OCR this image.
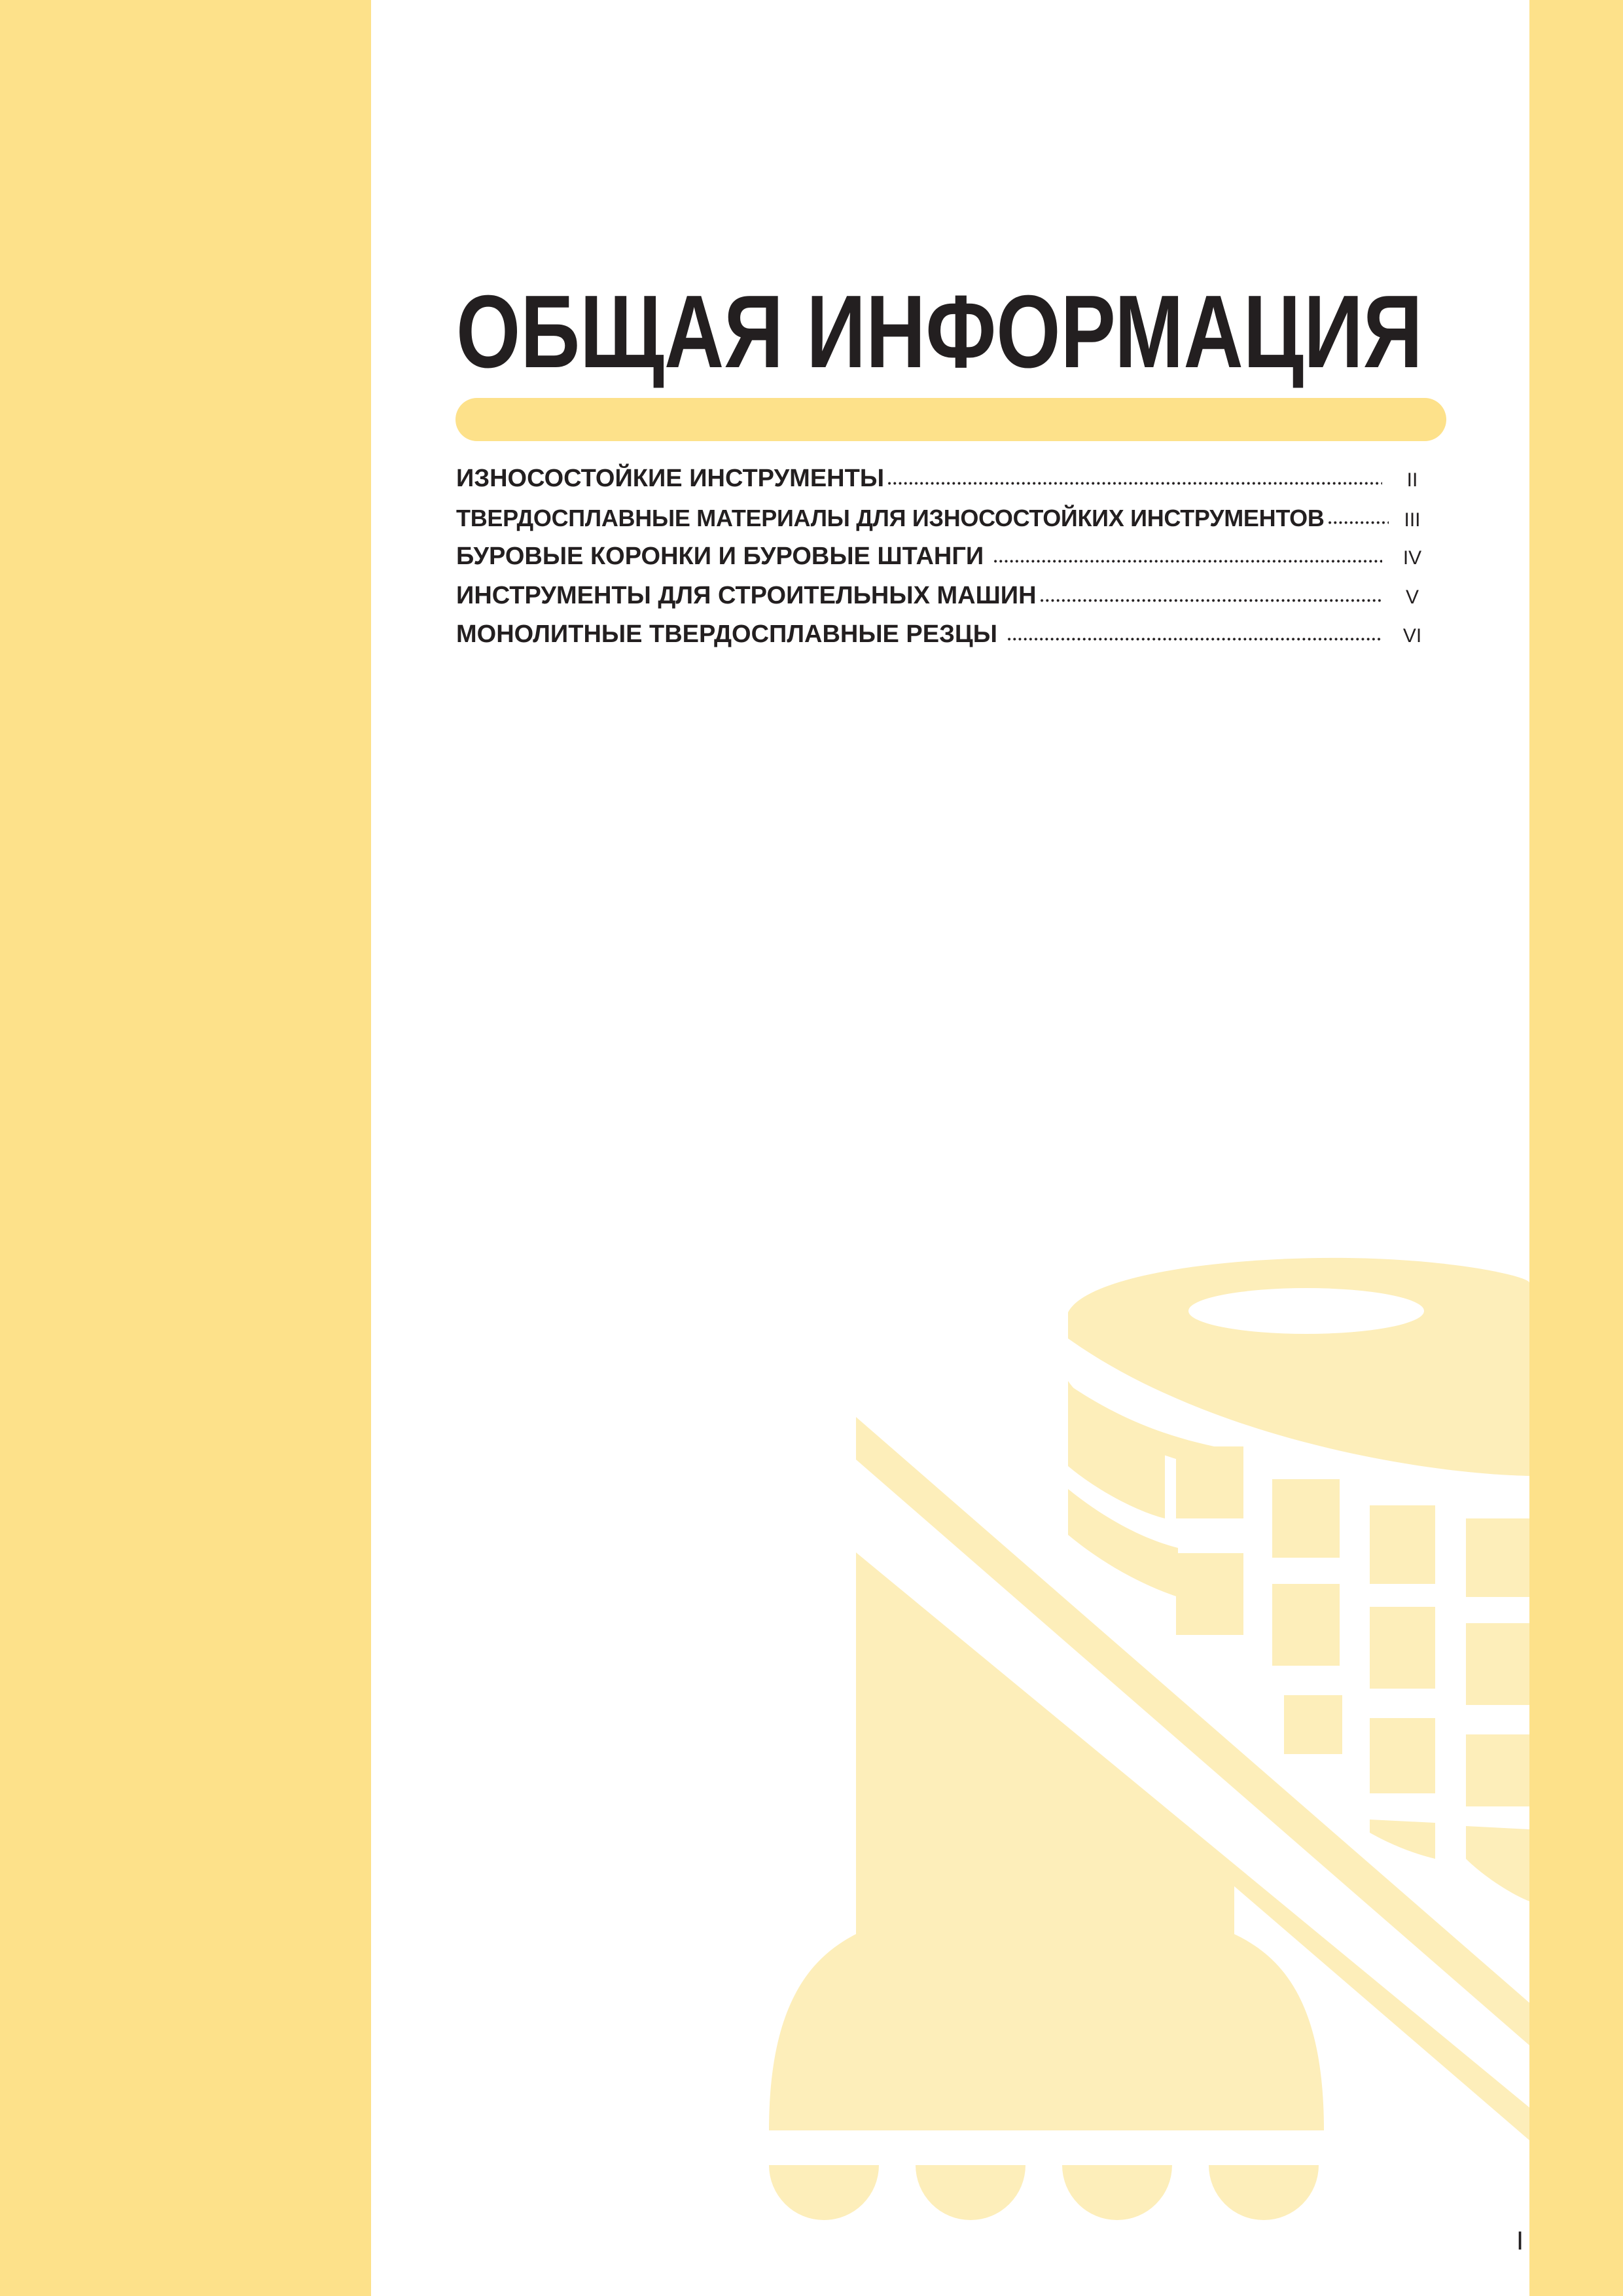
ОБЩАЯ ИНФОРМАЦИЯ
ИЗНОСОСТОЙКИЕ ИНСТРУМЕНТЫ	II
ТВЕРДОСПЛАВНЫЕ МАТЕРИАЛЫ ДЛЯ ИЗНОСОСТОЙКИХ ИНСТРУМЕНТОВ	III
БУРОВЫЕ КОРОНКИ И БУРОВЫЕ ШТАНГИ	IV
ИНСТРУМЕНТЫ ДЛЯ СТРОИТЕЛЬНЫХ МАШИН	V
МОНОЛИТНЫЕ ТВЕРДОСПЛАВНЫЕ РЕЗЦЫ	VI
I
